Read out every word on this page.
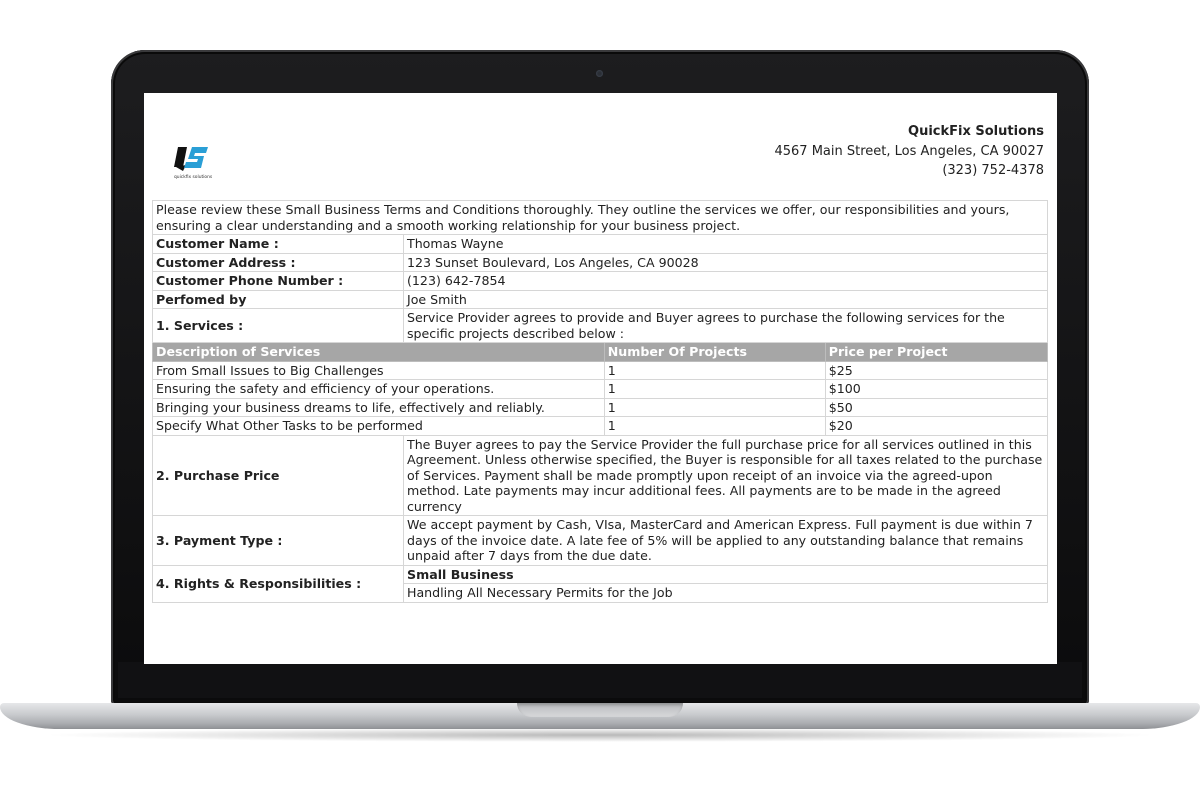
quickfix solutions
QuickFix Solutions
4567 Main Street, Los Angeles, CA 90027
(323) 752-4378
Please review these Small Business Terms and Conditions thoroughly. They outline the services we offer, our responsibilities and yours, ensuring a clear understanding and a smooth working relationship for your business project.			
Customer Name :	Thomas Wayne		
Customer Address :	123 Sunset Boulevard, Los Angeles, CA 90028		
Customer Phone Number :	(123) 642-7854		
Perfomed by	Joe Smith		
1. Services :	Service Provider agrees to provide and Buyer agrees to purchase the following services for the specific projects described below :		
Description of Services		Number Of Projects	Price per Project
From Small Issues to Big Challenges		1	$25
Ensuring the safety and efficiency of your operations.		1	$100
Bringing your business dreams to life, effectively and reliably.		1	$50
Specify What Other Tasks to be performed		1	$20
2. Purchase Price	The Buyer agrees to pay the Service Provider the full purchase price for all services outlined in this Agreement. Unless otherwise specified, the Buyer is responsible for all taxes related to the purchase of Services. Payment shall be made promptly upon receipt of an invoice via the agreed-upon method. Late payments may incur additional fees. All payments are to be made in the agreed currency		
3. Payment Type :	We accept payment by Cash, VIsa, MasterCard and American Express. Full payment is due within 7 days of the invoice date. A late fee of 5% will be applied to any outstanding balance that remains unpaid after 7 days from the due date.		
4. Rights & Responsibilities :	Small Business		
	Handling All Necessary Permits for the Job		
